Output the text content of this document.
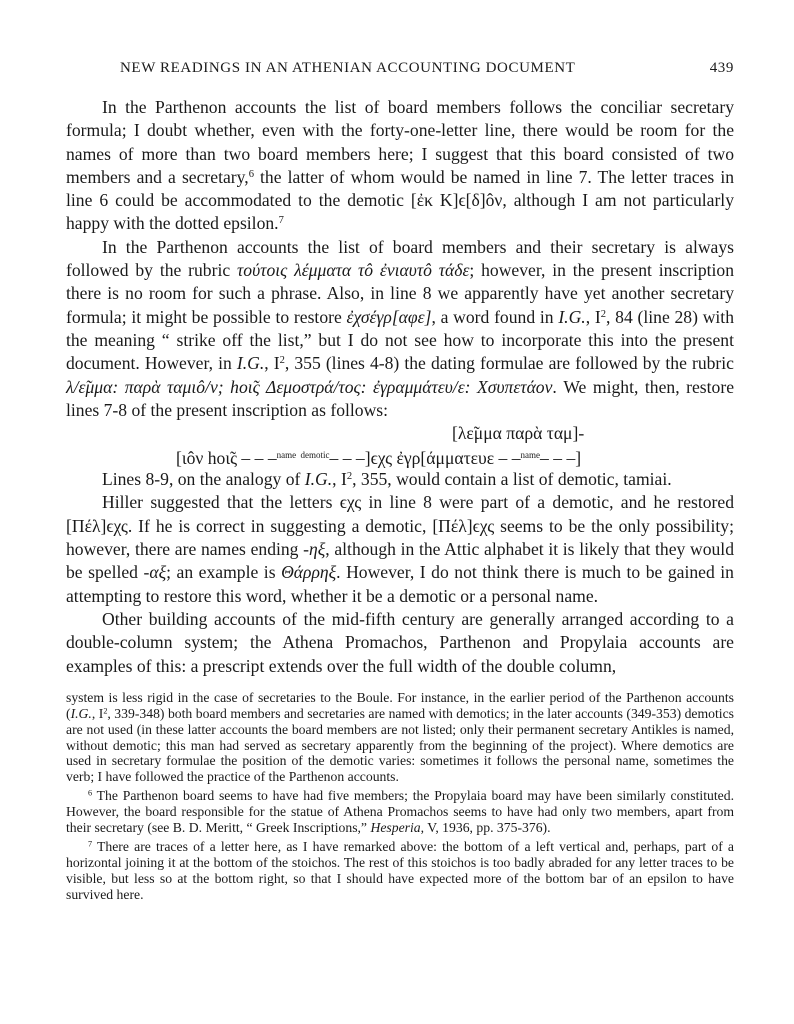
NEW READINGS IN AN ATHENIAN ACCOUNTING DOCUMENT	439

In the Parthenon accounts the list of board members follows the conciliar secretary formula; I doubt whether, even with the forty-one-letter line, there would be room for the names of more than two board members here; I suggest that this board consisted of two members and a secretary,$^6$ the latter of whom would be named in line 7. The letter traces in line 6 could be accommodated to the demotic [ἐκ Κ]ϵ[δ]ôν, although I am not particularly happy with the dotted epsilon.$^7$

In the Parthenon accounts the list of board members and their secretary is always followed by the rubric τούτοις λέμματα τô ἐνιαυτô τάδε; however, in the present inscription there is no room for such a phrase. Also, in line 8 we apparently have yet another secretary formula; it might be possible to restore ἐχσέγρ[αφε], a word found in I.G., $I^2$, 84 (line 28) with the meaning “ strike off the list,” but I do not see how to incorporate this into the present document. However, in I.G., $I^2$, 355 (lines 4-8) the dating formulae are followed by the rubric λ/ε̃μμα: παρὰ ταμιô/ν; hoι̃ς Δεμοστρά/τος: ἐγραμμάτευ/ε: Χσυπετάον. We might, then, restore lines 7-8 of the present inscription as follows:

[λε̃μμα παρὰ ταμ]-
[ιôν hoι̃ς – – –$^{name}$ $^{demotic}$– – –]ϵχς ἐγρ[άμματευε – –$^{name}$– – –]

Lines 8-9, on the analogy of I.G., $I^2$, 355, would contain a list of demotic, tamiai.

Hiller suggested that the letters ϵχς in line 8 were part of a demotic, and he restored [Πέλ]ϵχς. If he is correct in suggesting a demotic, [Πέλ]ϵχς seems to be the only possibility; however, there are names ending -ηξ, although in the Attic alphabet it is likely that they would be spelled -αξ; an example is Θάρρηξ. However, I do not think there is much to be gained in attempting to restore this word, whether it be a demotic or a personal name.

Other building accounts of the mid-fifth century are generally arranged according to a double-column system; the Athena Promachos, Parthenon and Propylaia accounts are examples of this: a prescript extends over the full width of the double column,

system is less rigid in the case of secretaries to the Boule. For instance, in the earlier period of the Parthenon accounts (I.G., $I^2$, 339-348) both board members and secretaries are named with demotics; in the later accounts (349-353) demotics are not used (in these latter accounts the board members are not listed; only their permanent secretary Antikles is named, without demotic; this man had served as secretary apparently from the beginning of the project). Where demotics are used in secretary formulae the position of the demotic varies: sometimes it follows the personal name, sometimes the verb; I have followed the practice of the Parthenon accounts.

$^6$ The Parthenon board seems to have had five members; the Propylaia board may have been similarly constituted. However, the board responsible for the statue of Athena Promachos seems to have had only two members, apart from their secretary (see B. D. Meritt, “ Greek Inscriptions,” Hesperia, V, 1936, pp. 375-376).

$^7$ There are traces of a letter here, as I have remarked above: the bottom of a left vertical and, perhaps, part of a horizontal joining it at the bottom of the stoichos. The rest of this stoichos is too badly abraded for any letter traces to be visible, but less so at the bottom right, so that I should have expected more of the bottom bar of an epsilon to have survived here.
